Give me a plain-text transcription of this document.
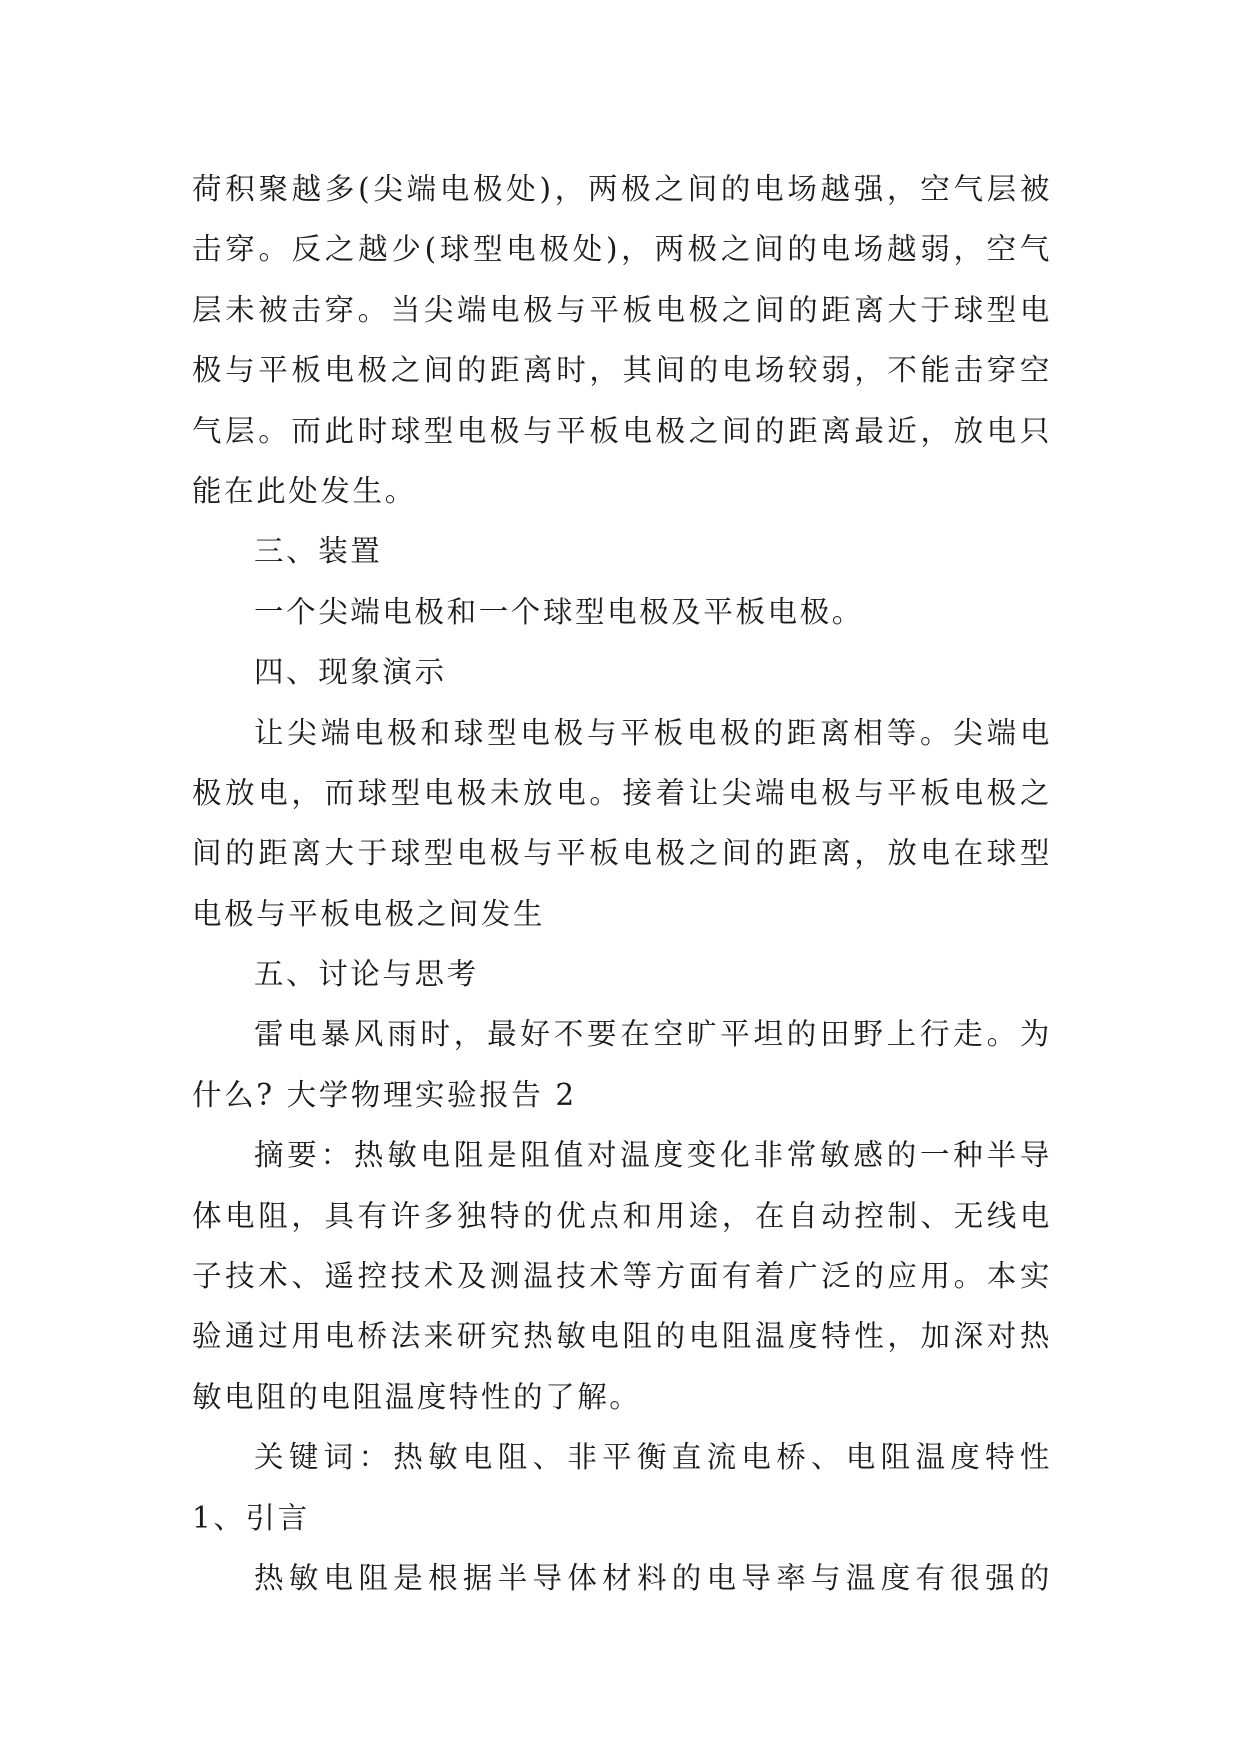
荷积聚越多(尖端电极处)，两极之间的电场越强，空气层被
击穿。反之越少(球型电极处)，两极之间的电场越弱，空气
层未被击穿。当尖端电极与平板电极之间的距离大于球型电
极与平板电极之间的距离时，其间的电场较弱，不能击穿空
气层。而此时球型电极与平板电极之间的距离最近，放电只
能在此处发生。
三、装置
一个尖端电极和一个球型电极及平板电极。
四、现象演示
让尖端电极和球型电极与平板电极的距离相等。尖端电
极放电，而球型电极未放电。接着让尖端电极与平板电极之
间的距离大于球型电极与平板电极之间的距离，放电在球型
电极与平板电极之间发生
五、讨论与思考
雷电暴风雨时，最好不要在空旷平坦的田野上行走。为
什么? 大学物理实验报告 2
摘要：热敏电阻是阻值对温度变化非常敏感的一种半导
体电阻，具有许多独特的优点和用途，在自动控制、无线电
子技术、遥控技术及测温技术等方面有着广泛的应用。本实
验通过用电桥法来研究热敏电阻的电阻温度特性，加深对热
敏电阻的电阻温度特性的了解。
关键词：热敏电阻、非平衡直流电桥、电阻温度特性
1、引言
热敏电阻是根据半导体材料的电导率与温度有很强的
